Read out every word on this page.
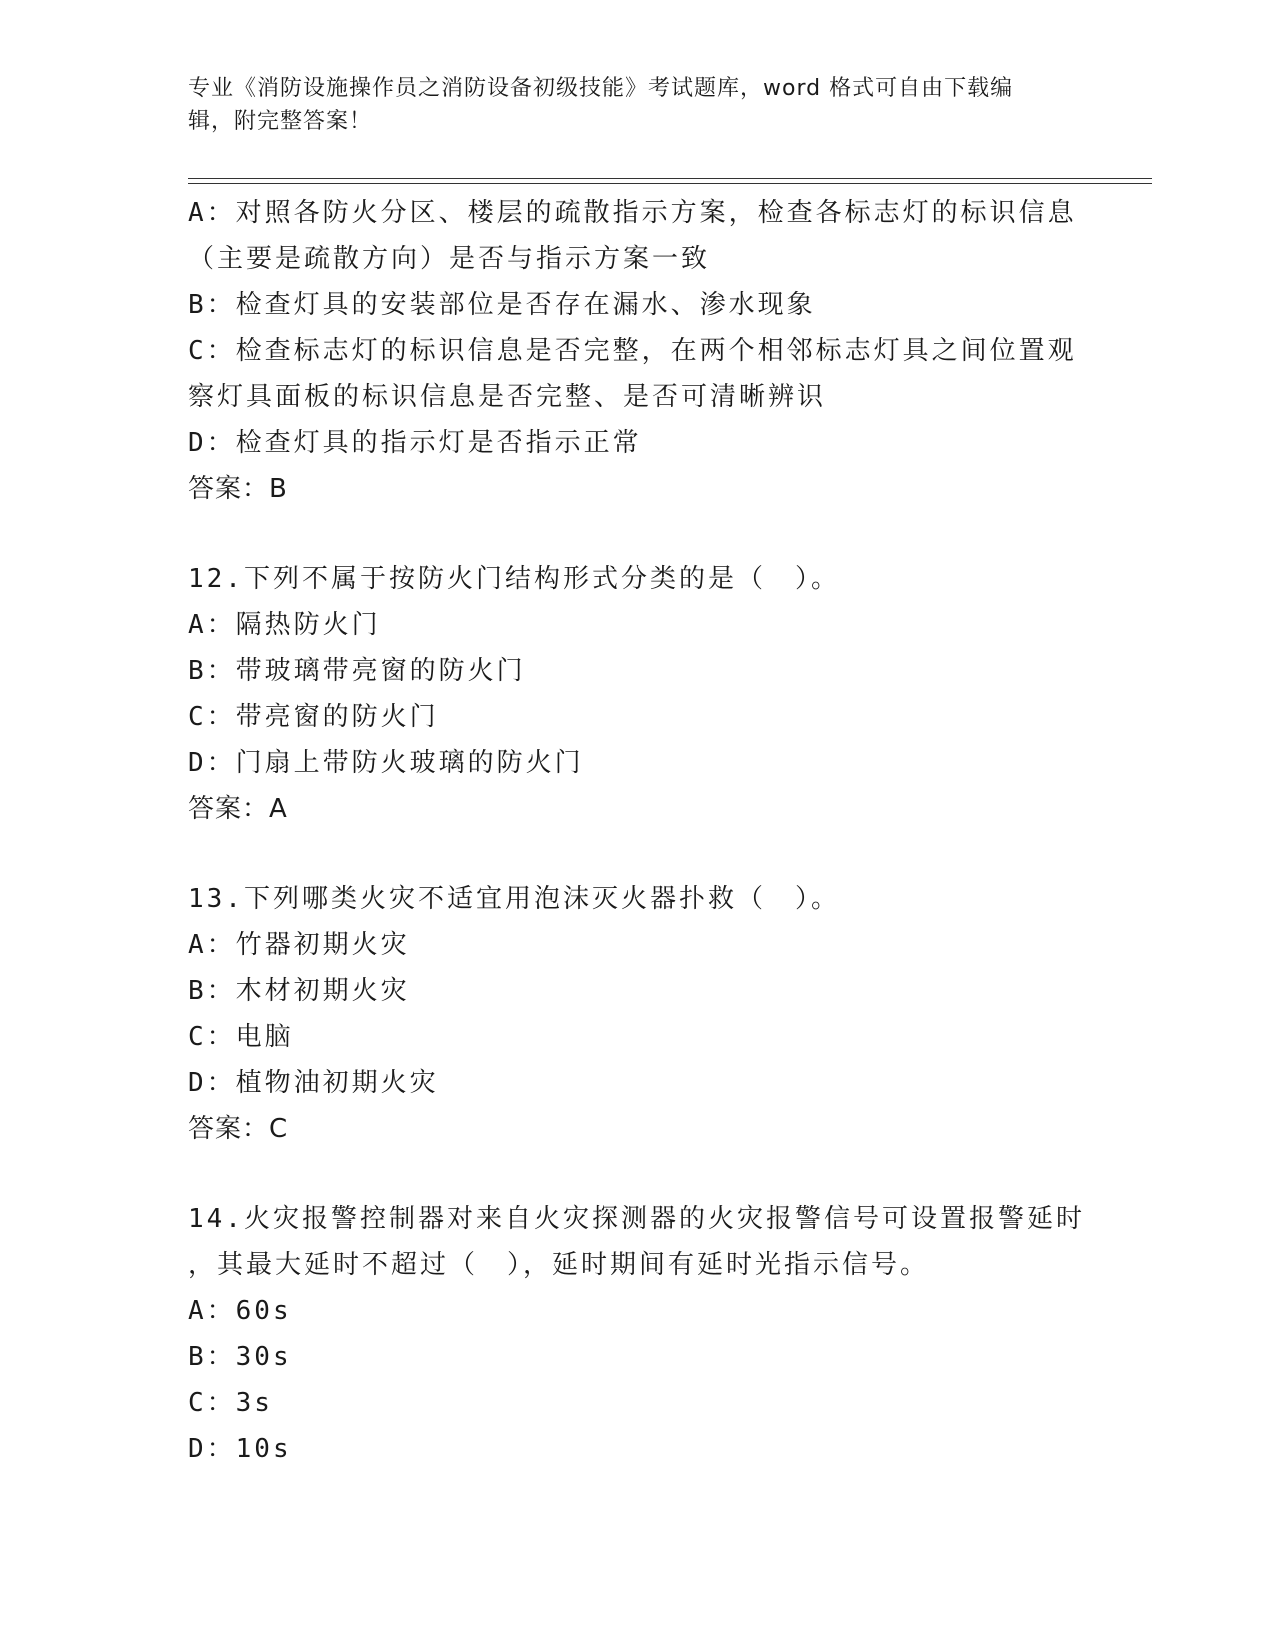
专业《消防设施操作员之消防设备初级技能》考试题库，word 格式可自由下载编
辑，附完整答案！
A：对照各防火分区、楼层的疏散指示方案，检查各标志灯的标识信息
（主要是疏散方向）是否与指示方案一致
B：检查灯具的安装部位是否存在漏水、渗水现象
C：检查标志灯的标识信息是否完整，在两个相邻标志灯具之间位置观
察灯具面板的标识信息是否完整、是否可清晰辨识
D：检查灯具的指示灯是否指示正常
答案：B
12.下列不属于按防火门结构形式分类的是（　）。
A：隔热防火门
B：带玻璃带亮窗的防火门
C：带亮窗的防火门
D：门扇上带防火玻璃的防火门
答案：A
13.下列哪类火灾不适宜用泡沫灭火器扑救（　）。
A：竹器初期火灾
B：木材初期火灾
C：电脑
D：植物油初期火灾
答案：C
14.火灾报警控制器对来自火灾探测器的火灾报警信号可设置报警延时
，其最大延时不超过（　），延时期间有延时光指示信号。
A：60s
B：30s
C：3s
D：10s
